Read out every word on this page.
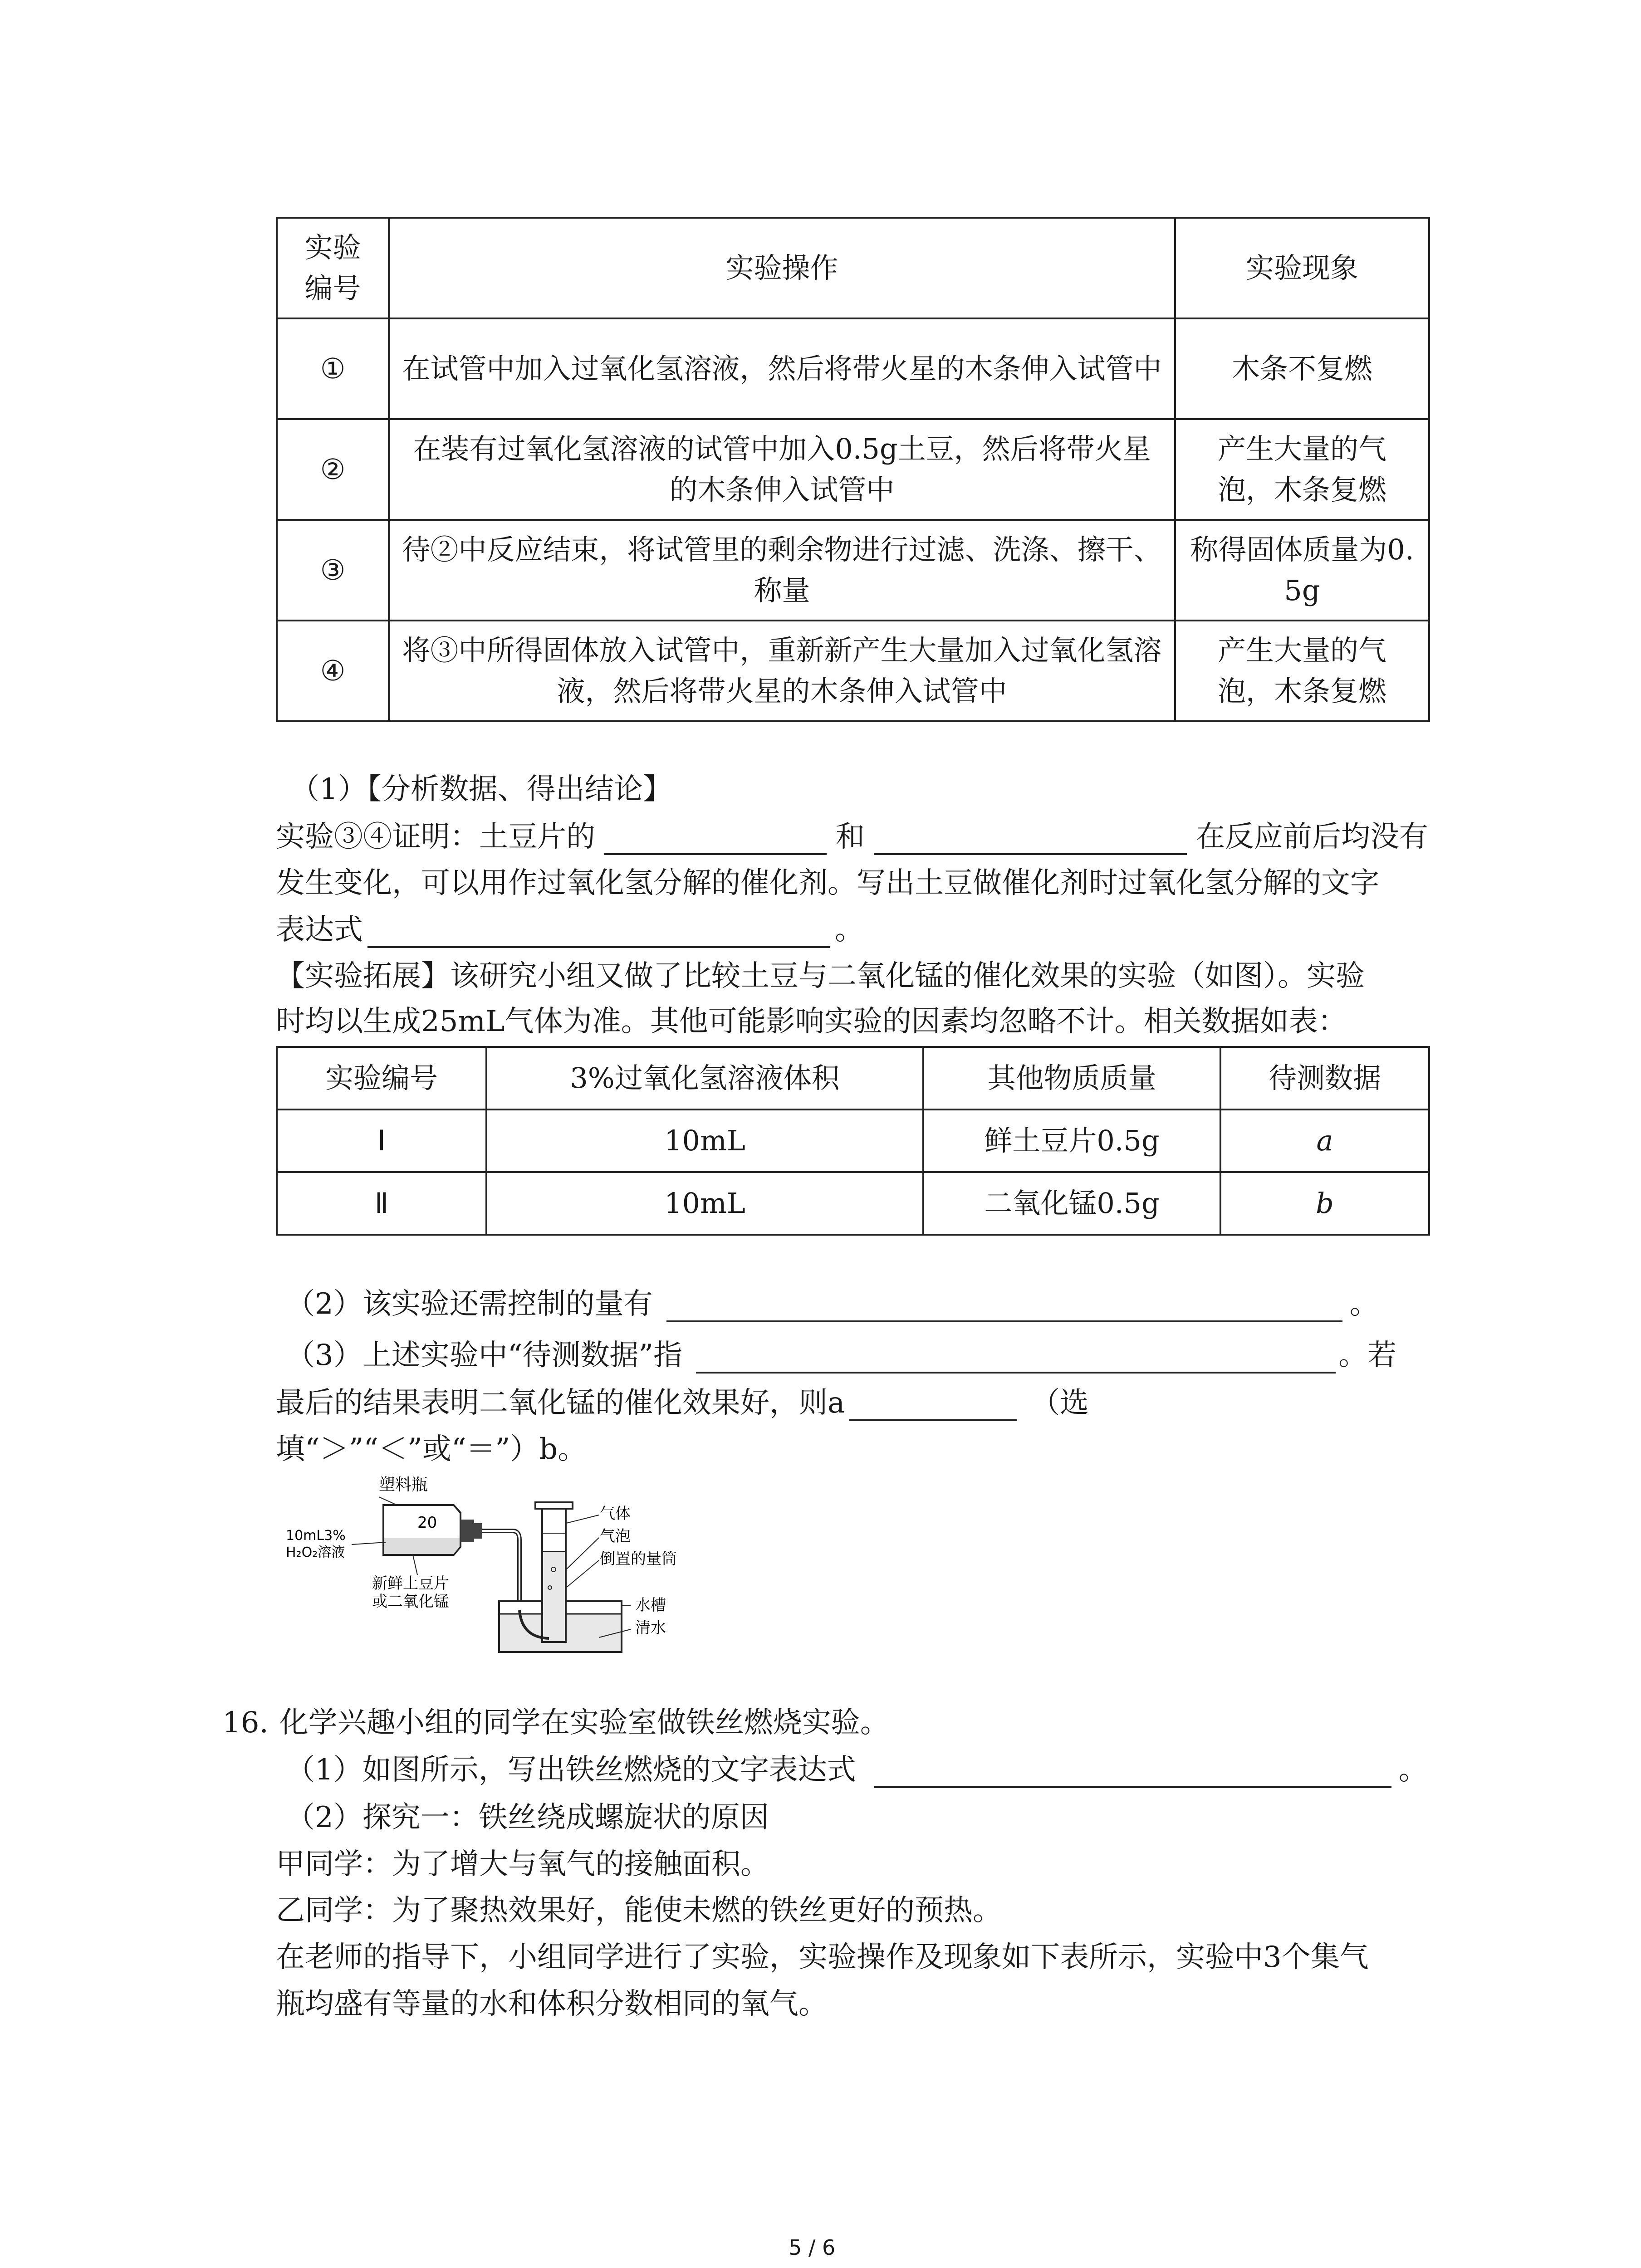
实验编号	实验操作	实验现象
①	在试管中加入过氧化氢溶液，然后将带火星的木条伸入试管中	木条不复燃
②	在装有过氧化氢溶液的试管中加入0.5g土豆，然后将带火星的木条伸入试管中	产生大量的气泡，木条复燃
③	待②中反应结束，将试管里的剩余物进行过滤、洗涤、擦干、称量	称得固体质量为0.5g
④	将③中所得固体放入试管中，重新新产生大量加入过氧化氢溶液，然后将带火星的木条伸入试管中	产生大量的气泡，木条复燃
（1）【分析数据、得出结论】
实验③④证明：土豆片的	和	在反应前后均没有
发生变化，可以用作过氧化氢分解的催化剂。写出土豆做催化剂时过氧化氢分解的文字
表达式	。
【实验拓展】该研究小组又做了比较土豆与二氧化锰的催化效果的实验（如图）。实验
时均以生成25mL气体为准。其他可能影响实验的因素均忽略不计。相关数据如表：
实验编号	3%过氧化氢溶液体积	其他物质质量	待测数据
Ⅰ	10mL	鲜土豆片0.5g	a
Ⅱ	10mL	二氧化锰0.5g	b
（2）该实验还需控制的量有	。
（3）上述实验中“待测数据”指	。若
最后的结果表明二氧化锰的催化效果好，则a	（选
填“＞”“＜”或“＝”）b。
塑料瓶
10mL3%
H₂O₂溶液
新鲜土豆片
或二氧化锰
20	气体
气泡
倒置的量筒
水槽
清水
16. 化学兴趣小组的同学在实验室做铁丝燃烧实验。
（1）如图所示，写出铁丝燃烧的文字表达式	。
（2）探究一：铁丝绕成螺旋状的原因
甲同学：为了增大与氧气的接触面积。
乙同学：为了聚热效果好，能使未燃的铁丝更好的预热。
在老师的指导下，小组同学进行了实验，实验操作及现象如下表所示，实验中3个集气
瓶均盛有等量的水和体积分数相同的氧气。
5 / 6
